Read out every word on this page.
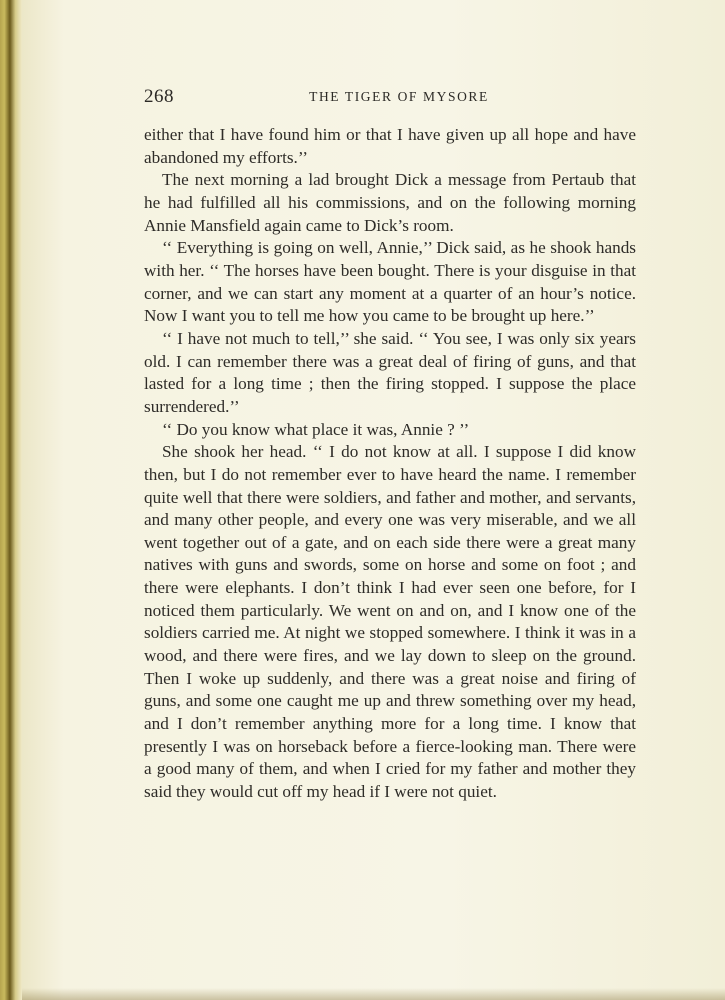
268	THE TIGER OF MYSORE

either that I have found him or that I have given up all hope and have abandoned my efforts.’’

The next morning a lad brought Dick a message from Pertaub that he had fulfilled all his commissions, and on the following morning Annie Mansfield again came to Dick’s room.

‘‘ Everything is going on well, Annie,’’ Dick said, as he shook hands with her. ‘‘ The horses have been bought. There is your disguise in that corner, and we can start any moment at a quarter of an hour’s notice. Now I want you to tell me how you came to be brought up here.’’

‘‘ I have not much to tell,’’ she said. ‘‘ You see, I was only six years old. I can remember there was a great deal of firing of guns, and that lasted for a long time ; then the firing stopped. I suppose the place surrendered.’’

‘‘ Do you know what place it was, Annie ? ’’

She shook her head. ‘‘ I do not know at all. I suppose I did know then, but I do not remember ever to have heard the name. I remember quite well that there were soldiers, and father and mother, and servants, and many other people, and every one was very miserable, and we all went together out of a gate, and on each side there were a great many natives with guns and swords, some on horse and some on foot ; and there were elephants. I don’t think I had ever seen one before, for I noticed them particularly. We went on and on, and I know one of the soldiers carried me. At night we stopped somewhere. I think it was in a wood, and there were fires, and we lay down to sleep on the ground. Then I woke up suddenly, and there was a great noise and firing of guns, and some one caught me up and threw something over my head, and I don’t remember anything more for a long time. I know that presently I was on horseback before a fierce-looking man. There were a good many of them, and when I cried for my father and mother they said they would cut off my head if I were not quiet.
